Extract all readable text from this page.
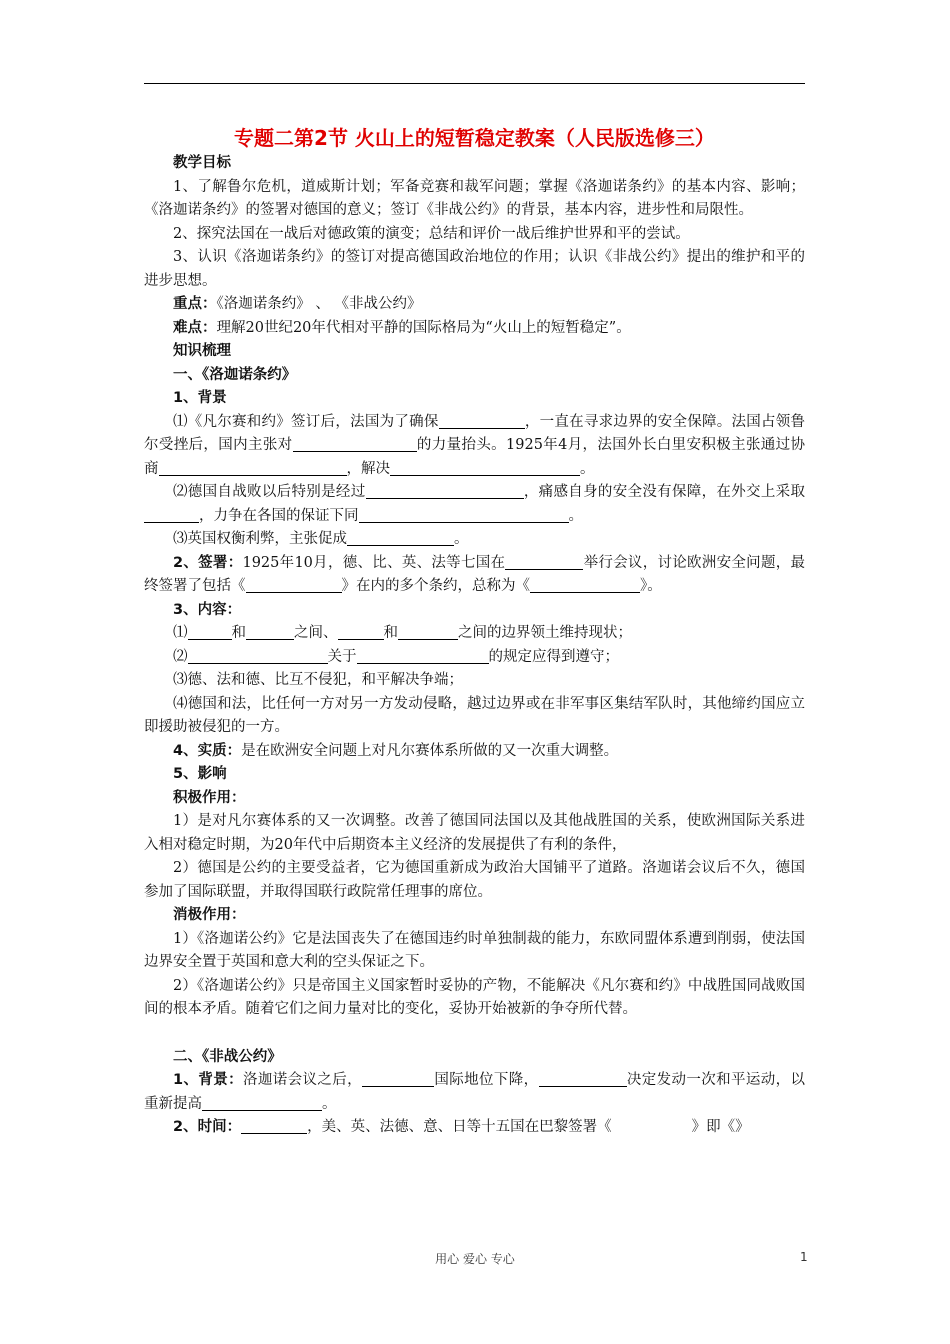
专题二第2节 火山上的短暂稳定教案（人民版选修三）

教学目标

1、了解鲁尔危机，道威斯计划；军备竞赛和裁军问题；掌握《洛迦诺条约》的基本内容、影响；《洛迦诺条约》的签署对德国的意义；签订《非战公约》的背景，基本内容，进步性和局限性。

2、探究法国在一战后对德政策的演变；总结和评价一战后维护世界和平的尝试。

3、认识《洛迦诺条约》的签订对提高德国政治地位的作用；认识《非战公约》提出的维护和平的进步思想。

重点：《洛迦诺条约》 、 《非战公约》

难点：理解20世纪20年代相对平静的国际格局为“火山上的短暂稳定”。

知识梳理

一、《洛迦诺条约》

1、背景

⑴《凡尔赛和约》签订后，法国为了确保	，一直在寻求边界的安全保障。法国占领鲁尔受挫后，国内主张对	的力量抬头。1925年4月，法国外长白里安积极主张通过协商	，解决	。

⑵德国自战败以后特别是经过	，痛感自身的安全没有保障，在外交上采取，力争在各国的保证下同	。

⑶英国权衡利弊，主张促成	。

2、签署：1925年10月，德、比、英、法等七国在	举行会议，讨论欧洲安全问题，最终签署了包括《	》在内的多个条约，总称为《	》。

3、内容：

⑴	和	之间、	和	之间的边界领土维持现状；

⑵	关于	的规定应得到遵守；

⑶德、法和德、比互不侵犯，和平解决争端；

⑷德国和法，比任何一方对另一方发动侵略，越过边界或在非军事区集结军队时，其他缔约国应立即援助被侵犯的一方。

4、实质：是在欧洲安全问题上对凡尔赛体系所做的又一次重大调整。

5、影响

积极作用：

1）是对凡尔赛体系的又一次调整。改善了德国同法国以及其他战胜国的关系，使欧洲国际关系进入相对稳定时期，为20年代中后期资本主义经济的发展提供了有利的条件，

2）德国是公约的主要受益者，它为德国重新成为政治大国铺平了道路。洛迦诺会议后不久，德国参加了国际联盟，并取得国联行政院常任理事的席位。

消极作用：

1）《洛迦诺公约》它是法国丧失了在德国违约时单独制裁的能力，东欧同盟体系遭到削弱，使法国边界安全置于英国和意大利的空头保证之下。

2）《洛迦诺公约》只是帝国主义国家暂时妥协的产物，不能解决《凡尔赛和约》中战胜国同战败国间的根本矛盾。随着它们之间力量对比的变化，妥协开始被新的争夺所代替。

二、《非战公约》

1、背景：洛迦诺会议之后，	国际地位下降，	决定发动一次和平运动，以重新提高	。

2、时间：	，美、英、法德、意、日等十五国在巴黎签署《	》即《》

用心 爱心 专心	1
